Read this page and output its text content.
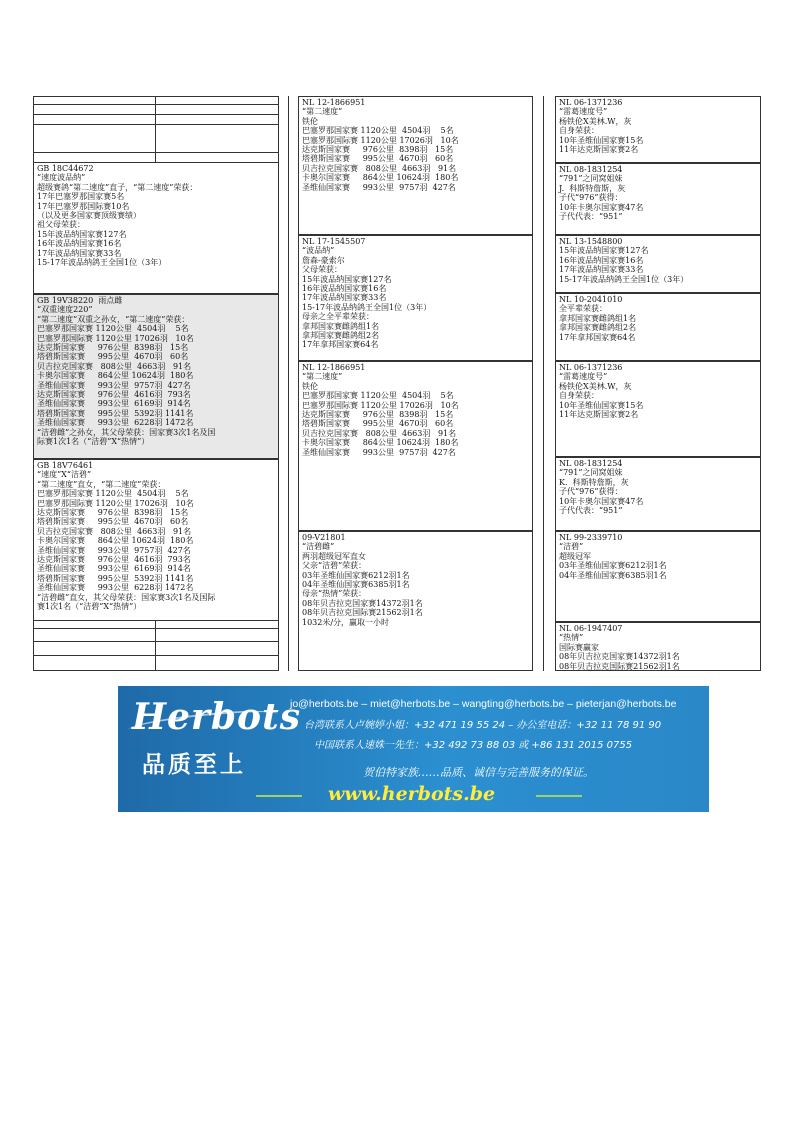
GB 18C44672
“速度波品纳”
超级赛鸽“第二速度”直子，“第二速度”荣获：
17年巴塞罗那国家赛5名
17年巴塞罗那国际赛10名
（以及更多国家赛顶级赛绩）
祖父母荣获：
15年波品纳国家赛127名
16年波品纳国家赛16名
17年波品纳国家赛33名
15-17年波品纳鸽王全国1位（3年）
GB 19V38220  雨点雌
“双重速度220”
“第二速度”双重之孙女，“第二速度”荣获：
巴塞罗那国家赛 1120公里  4504羽    5名
巴塞罗那国际赛 1120公里 17026羽   10名
达克斯国家赛     976公里  8398羽   15名
塔碧斯国家赛     995公里  4670羽   60名
贝吉拉克国家赛   808公里  4663羽   91名
卡奥尔国家赛     864公里 10624羽  180名
圣维仙国家赛     993公里  9757羽  427名
达克斯国家赛     976公里  4616羽  793名
圣维仙国家赛     993公里  6169羽  914名
塔碧斯国家赛     995公里  5392羽 1141名
圣维仙国家赛     993公里  6228羽 1472名
“洁碧雌”之孙女，其父母荣获：国家赛3次1名及国
际赛1次1名（“洁碧”X“热情”）
GB 18V76461
“速度”X“洁碧”
“第二速度”直女，“第二速度”荣获：
巴塞罗那国家赛 1120公里  4504羽    5名
巴塞罗那国际赛 1120公里 17026羽   10名
达克斯国家赛     976公里  8398羽   15名
塔碧斯国家赛     995公里  4670羽   60名
贝吉拉克国家赛   808公里  4663羽   91名
卡奥尔国家赛     864公里 10624羽  180名
圣维仙国家赛     993公里  9757羽  427名
达克斯国家赛     976公里  4616羽  793名
圣维仙国家赛     993公里  6169羽  914名
塔碧斯国家赛     995公里  5392羽 1141名
圣维仙国家赛     993公里  6228羽 1472名
“洁碧雌”直女，其父母荣获：国家赛3次1名及国际
赛1次1名（“洁碧”X“热情”）
NL 12-1866951
“第二速度”
铁伦
巴塞罗那国家赛 1120公里  4504羽    5名
巴塞罗那国际赛 1120公里 17026羽   10名
达克斯国家赛     976公里  8398羽   15名
塔碧斯国家赛     995公里  4670羽   60名
贝吉拉克国家赛   808公里  4663羽   91名
卡奥尔国家赛     864公里 10624羽  180名
圣维仙国家赛     993公里  9757羽  427名
NL 17-1545507
“波品纳”
詹森-豪索尔
父母荣获：
15年波品纳国家赛127名
16年波品纳国家赛16名
17年波品纳国家赛33名
15-17年波品纳鸽王全国1位（3年）
母亲之全平辈荣获：
拿邦国家赛雌鸽组1名
拿邦国家赛雌鸽组2名
17年拿邦国家赛64名
NL 12-1866951
“第二速度”
铁伦
巴塞罗那国家赛 1120公里  4504羽    5名
巴塞罗那国际赛 1120公里 17026羽   10名
达克斯国家赛     976公里  8398羽   15名
塔碧斯国家赛     995公里  4670羽   60名
贝吉拉克国家赛   808公里  4663羽   91名
卡奥尔国家赛     864公里 10624羽  180名
圣维仙国家赛     993公里  9757羽  427名
09-V21801
“洁碧雌”
两羽超级冠军直女
父亲“洁碧”荣获：
03年圣维仙国家赛6212羽1名
04年圣维仙国家赛6385羽1名
母亲“热情”荣获：
08年贝吉拉克国家赛14372羽1名
08年贝吉拉克国际赛21562羽1名
1032米/分，赢取一小时
NL 06-1371236
“雷葛速度号”
杨铁伦X美林.W，灰
自身荣获：
10年圣维仙国家赛15名
11年达克斯国家赛2名
NL 08-1831254
“791”之同窝姐妹
J.  科斯特詹斯，灰
子代“976”获得：
10年卡奥尔国家赛47名
子代代表：“951”
NL 13-1548800
15年波品纳国家赛127名
16年波品纳国家赛16名
17年波品纳国家赛33名
15-17年波品纳鸽王全国1位（3年）
NL 10-2041010
全平辈荣获：
拿邦国家赛雌鸽组1名
拿邦国家赛雌鸽组2名
17年拿邦国家赛64名
NL 06-1371236
“雷葛速度号”
杨铁伦X美林.W，灰
自身荣获：
10年圣维仙国家赛15名
11年达克斯国家赛2名
NL 08-1831254
“791”之同窝姐妹
K.  科斯特詹斯，灰
子代“976”获得：
10年卡奥尔国家赛47名
子代代表：“951”
NL 99-2339710
“洁碧”
超级冠军
03年圣维仙国家赛6212羽1名
04年圣维仙国家赛6385羽1名
NL 06-1947407
“热情”
国际赛赢家
08年贝吉拉克国家赛14372羽1名
08年贝吉拉克国际赛21562羽1名
Herbots
品质至上
jo@herbots.be – miet@herbots.be – wangting@herbots.be – pieterjan@herbots.be
台湾联系人卢婉婷小姐：+32 471 19 55 24 – 办公室电话：+32 11 78 91 90
中国联系人速姝一先生：+32 492 73 88 03 或 +86 131 2015 0755
贺伯特家族……品质、诚信与完善服务的保证。
www.herbots.be
